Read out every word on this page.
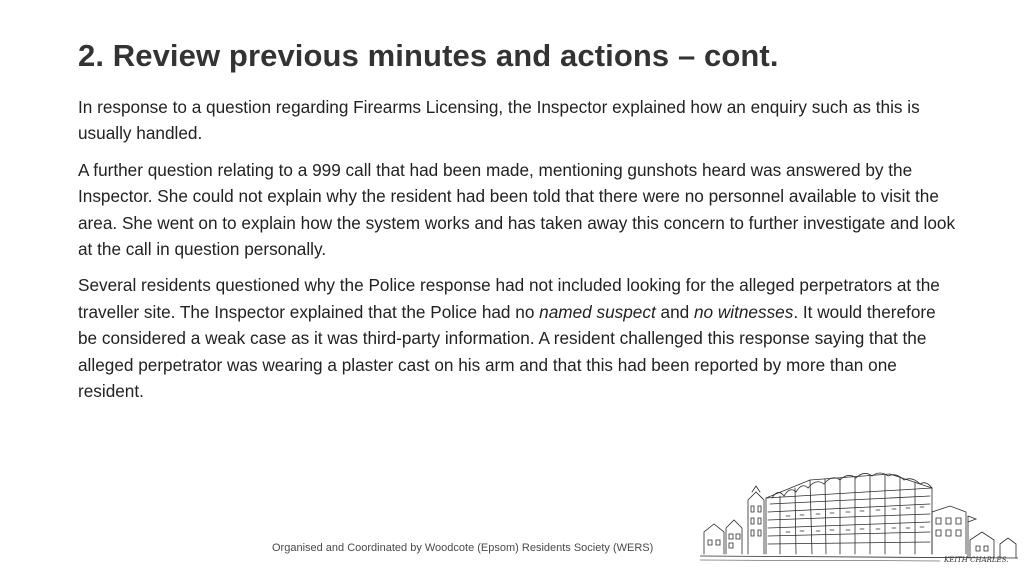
2. Review previous minutes and actions – cont.

In response to a question regarding Firearms Licensing, the Inspector explained how an enquiry such as this is usually handled.

A further question relating to a 999 call that had been made, mentioning gunshots heard was answered by the Inspector. She could not explain why the resident had been told that there were no personnel available to visit the area. She went on to explain how the system works and has taken away this concern to further investigate and look at the call in question personally.

Several residents questioned why the Police response had not included looking for the alleged perpetrators at the traveller site. The Inspector explained that the Police had no named suspect and no witnesses. It would therefore be considered a weak case as it was third-party information. A resident challenged this response saying that the alleged perpetrator was wearing a plaster cast on his arm and that this had been reported by more than one resident.

Organised and Coordinated by Woodcote (Epsom) Residents Society (WERS)
KEITH CHARLES.
